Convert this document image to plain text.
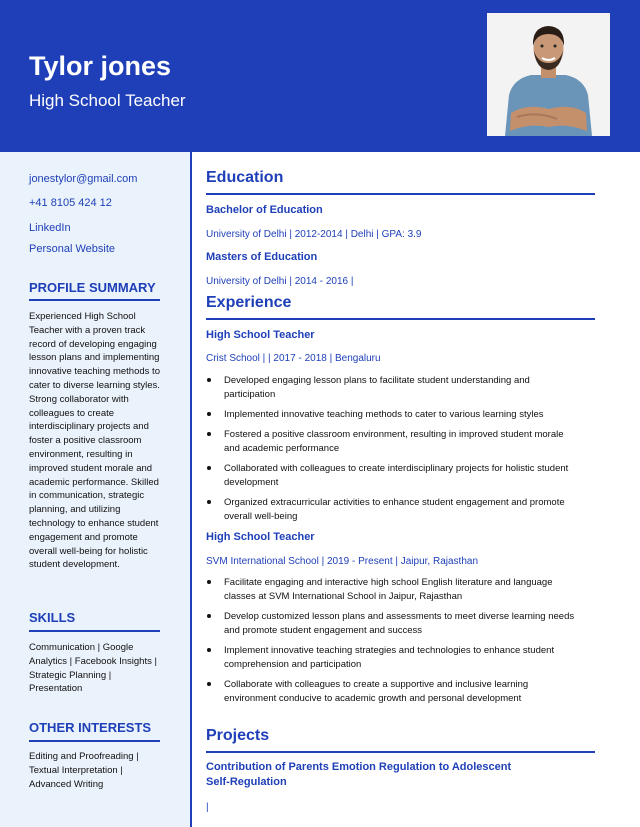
Tylor jones
High School Teacher
jonestylor@gmail.com
+41 8105 424 12
LinkedIn
Personal Website
PROFILE SUMMARY
Experienced High School Teacher with a proven track record of developing engaging lesson plans and implementing innovative teaching methods to cater to diverse learning styles. Strong collaborator with colleagues to create interdisciplinary projects and foster a positive classroom environment, resulting in improved student morale and academic performance. Skilled in communication, strategic planning, and utilizing technology to enhance student engagement and promote overall well-being for holistic student development.
SKILLS
Communication | Google Analytics | Facebook Insights | Strategic Planning | Presentation
OTHER INTERESTS
Editing and Proofreading | Textual Interpretation | Advanced Writing
Education
Bachelor of Education
University of Delhi | 2012-2014 | Delhi | GPA: 3.9
Masters of Education
University of Delhi | 2014 - 2016 |
Experience
High School Teacher
Crist School | | 2017 - 2018 | Bengaluru
Developed engaging lesson plans to facilitate student understanding and participation
Implemented innovative teaching methods to cater to various learning styles
Fostered a positive classroom environment, resulting in improved student morale and academic performance
Collaborated with colleagues to create interdisciplinary projects for holistic student development
Organized extracurricular activities to enhance student engagement and promote overall well-being
High School Teacher
SVM International School | 2019 - Present | Jaipur, Rajasthan
Facilitate engaging and interactive high school English literature and language classes at SVM International School in Jaipur, Rajasthan
Develop customized lesson plans and assessments to meet diverse learning needs and promote student engagement and success
Implement innovative teaching strategies and technologies to enhance student comprehension and participation
Collaborate with colleagues to create a supportive and inclusive learning environment conducive to academic growth and personal development
Projects
Contribution of Parents Emotion Regulation to Adolescent Self-Regulation
|
